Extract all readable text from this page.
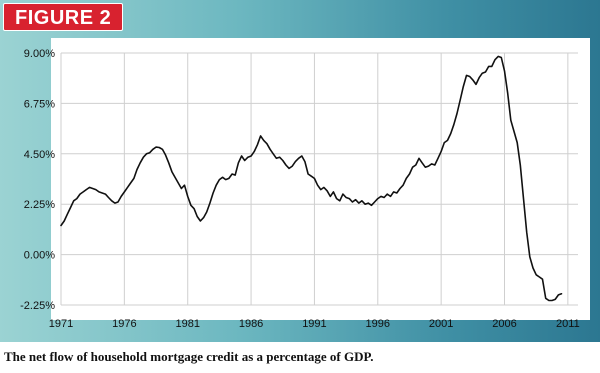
FIGURE 2
9.00%
6.75%
4.50%
2.25%
0.00%
-2.25%
1971	1976	1981	1986	1991	1996	2001	2006	2011
The net flow of household mortgage credit as a percentage of GDP.
